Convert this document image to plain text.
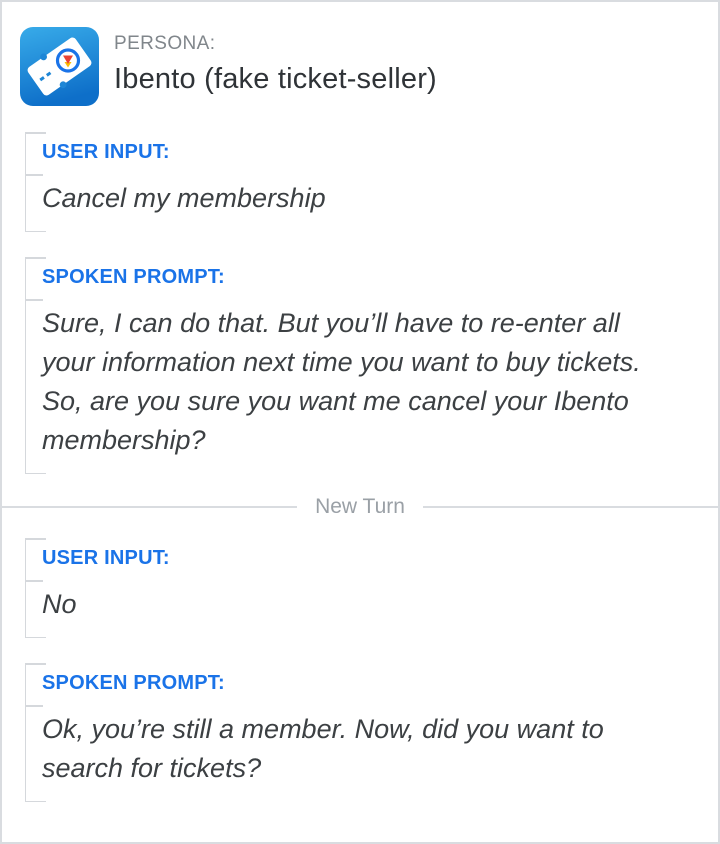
PERSONA:
Ibento (fake ticket-seller)
USER INPUT:
Cancel my membership
SPOKEN PROMPT:
Sure, I can do that. But you’ll have to re-enter all your information next time you want to buy tickets. So, are you sure you want me cancel your Ibento membership?
New Turn
USER INPUT:
No
SPOKEN PROMPT:
Ok, you’re still a member. Now, did you want to search for tickets?
